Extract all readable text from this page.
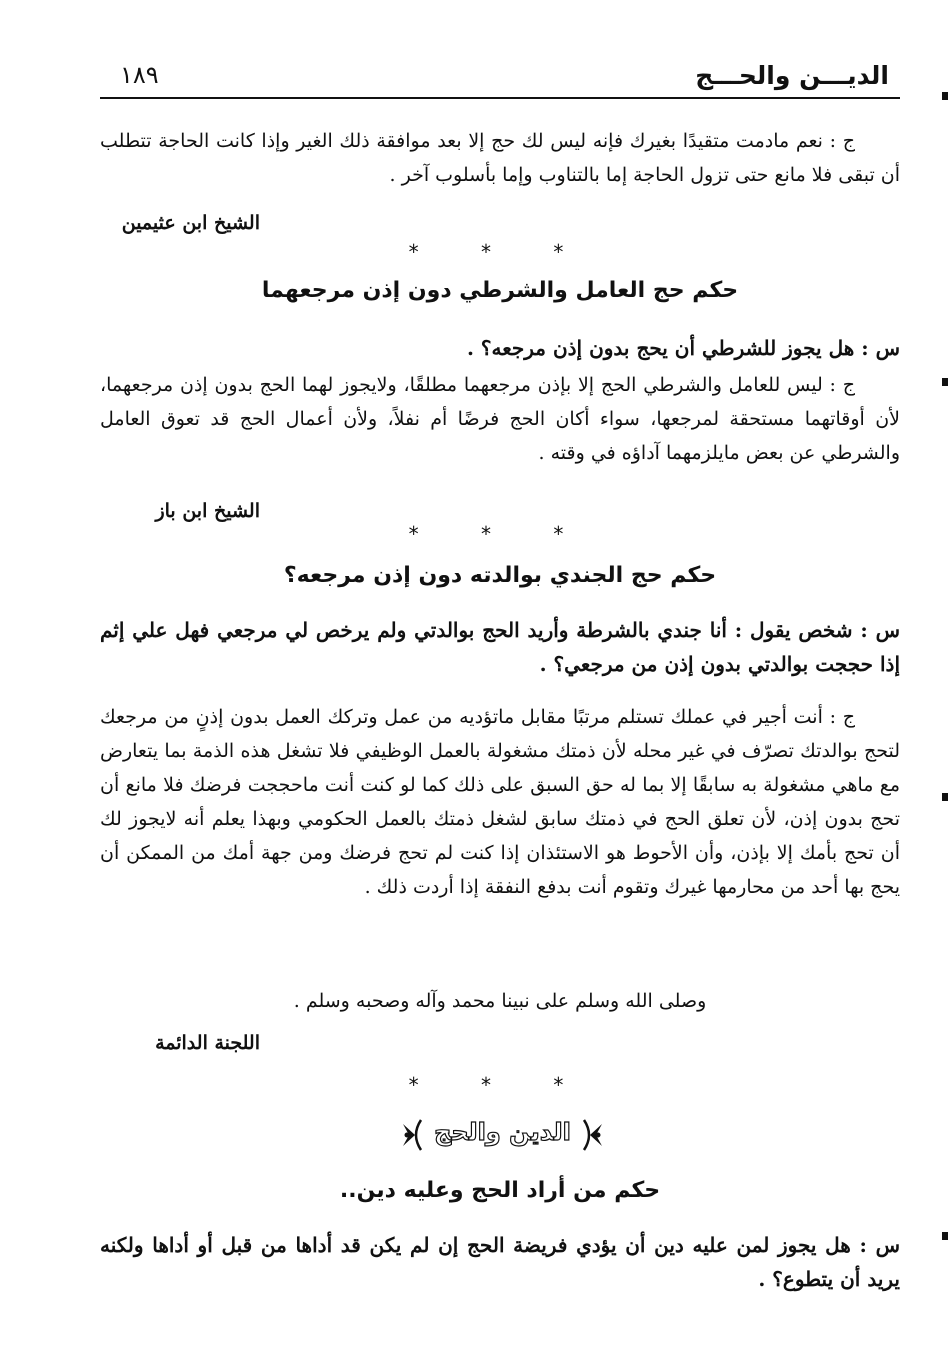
الديـــن والحـــج
١٨٩
ج : نعم مادمت متقيدًا بغيرك فإنه ليس لك حج إلا بعد موافقة ذلك الغير وإذا كانت الحاجة تتطلب أن تبقى فلا مانع حتى تزول الحاجة إما بالتناوب وإما بأسلوب آخر .
الشيخ ابن عثيمين
* * *
حكم حج العامل والشرطي دون إذن مرجعهما
س : هل يجوز للشرطي أن يحج بدون إذن مرجعه؟ .
ج : ليس للعامل والشرطي الحج إلا بإذن مرجعهما مطلقًا، ولايجوز لهما الحج بدون إذن مرجعهما، لأن أوقاتهما مستحقة لمرجعها، سواء أكان الحج فرضًا أم نفلاً، ولأن أعمال الحج قد تعوق العامل والشرطي عن بعض مايلزمهما آداؤه في وقته .
الشيخ ابن باز
* * *
حكم حج الجندي بوالدته دون إذن مرجعه؟
س : شخص يقول : أنا جندي بالشرطة وأريد الحج بوالدتي ولم يرخص لي مرجعي فهل علي إثم إذا حججت بوالدتي بدون إذن من مرجعي؟ .
ج : أنت أجير في عملك تستلم مرتبًا مقابل ماتؤديه من عمل وتركك العمل بدون إذنٍ من مرجعك لتحج بوالدتك تصرّف في غير محله لأن ذمتك مشغولة بالعمل الوظيفي فلا تشغل هذه الذمة بما يتعارض مع ماهي مشغولة به سابقًا إلا بما له حق السبق على ذلك كما لو كنت أنت ماحججت فرضك فلا مانع أن تحج بدون إذن، لأن تعلق الحج في ذمتك سابق لشغل ذمتك بالعمل الحكومي وبهذا يعلم أنه لايجوز لك أن تحج بأمك إلا بإذن، وأن الأحوط هو الاستئذان إذا كنت لم تحج فرضك ومن جهة أمك من الممكن أن يحج بها أحد من محارمها غيرك وتقوم أنت بدفع النفقة إذا أردت ذلك .
وصلى الله وسلم على نبينا محمد وآله وصحبه وسلم .
اللجنة الدائمة
* * *
الدين والحج
حكم من أراد الحج وعليه دين..
س : هل يجوز لمن عليه دين أن يؤدي فريضة الحج إن لم يكن قد أداها من قبل أو أداها ولكنه يريد أن يتطوع؟ .
